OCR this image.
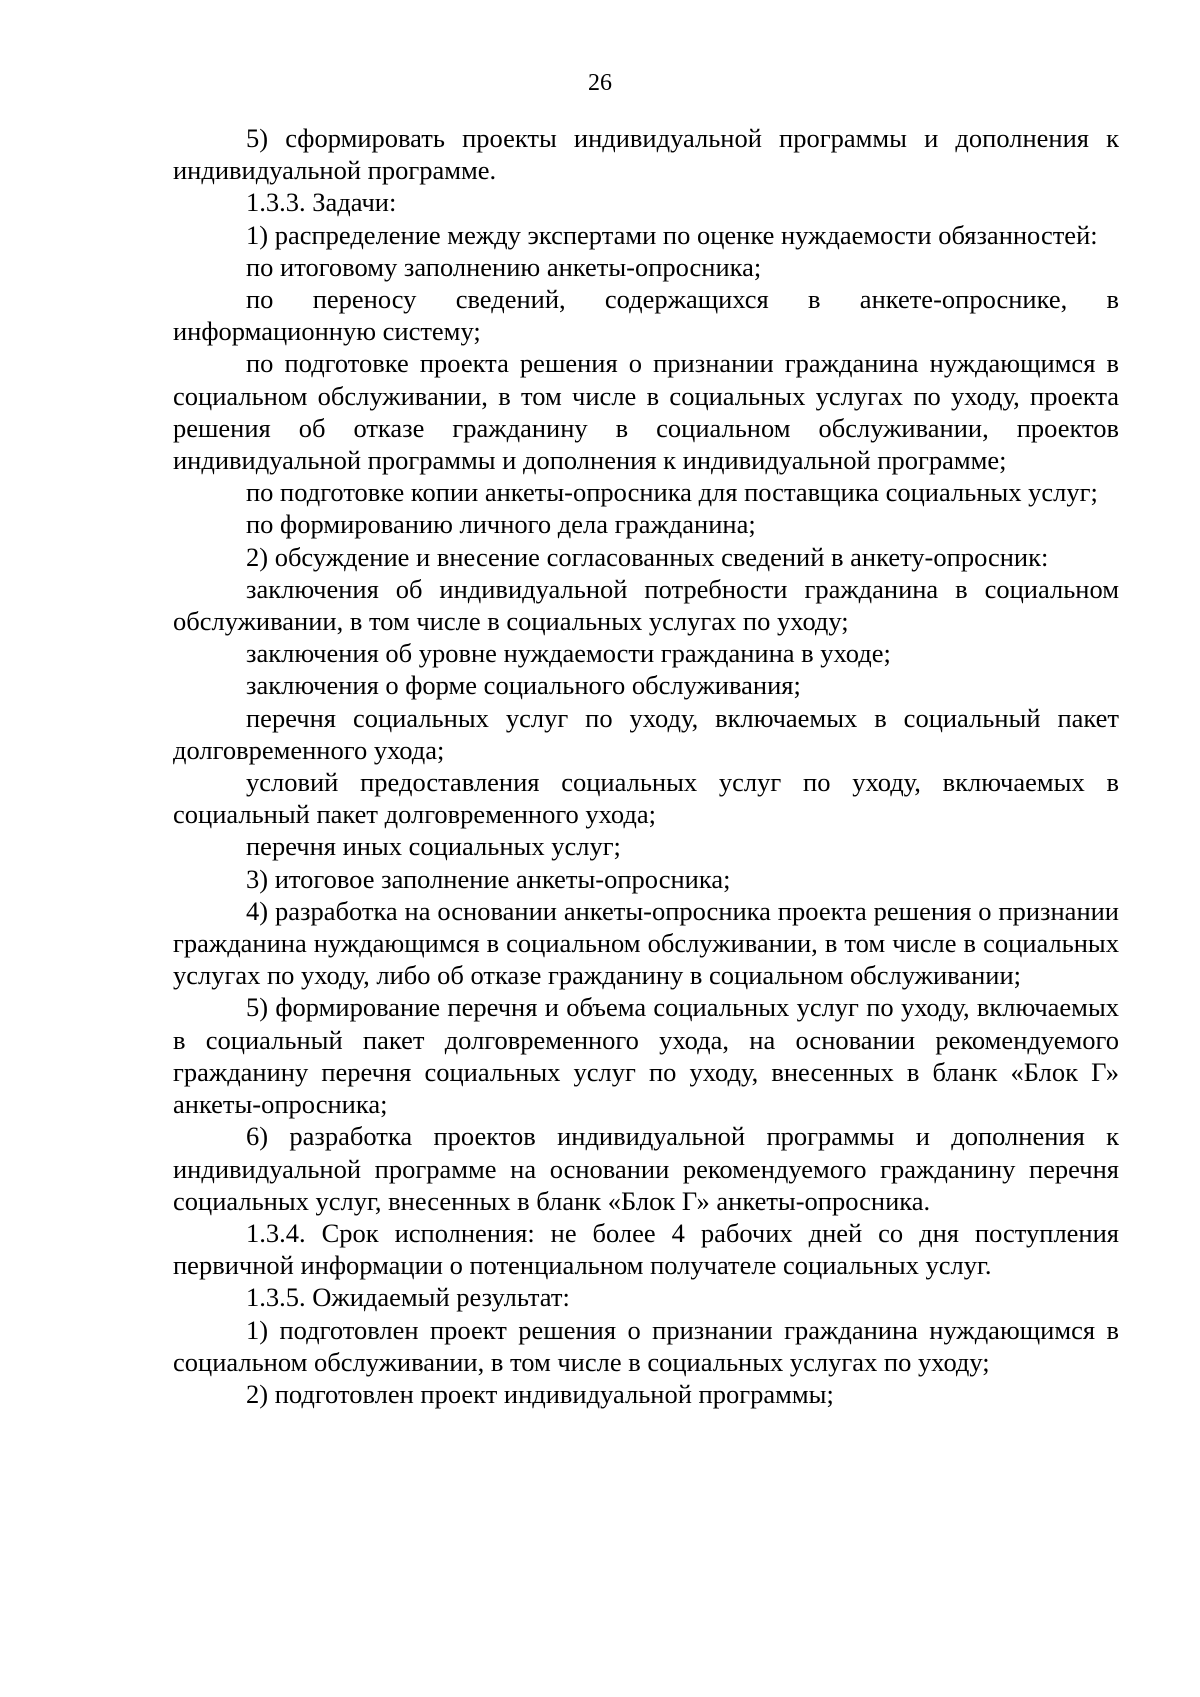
26

5) сформировать проекты индивидуальной программы и дополнения к индивидуальной программе.

1.3.3. Задачи:

1) распределение между экспертами по оценке нуждаемости обязанностей:

по итоговому заполнению анкеты-опросника;

по переносу сведений, содержащихся в анкете-опроснике, в информационную систему;

по подготовке проекта решения о признании гражданина нуждающимся в социальном обслуживании, в том числе в социальных услугах по уходу, проекта решения об отказе гражданину в социальном обслуживании, проектов индивидуальной программы и дополнения к индивидуальной программе;

по подготовке копии анкеты-опросника для поставщика социальных услуг;

по формированию личного дела гражданина;

2) обсуждение и внесение согласованных сведений в анкету-опросник:

заключения об индивидуальной потребности гражданина в социальном обслуживании, в том числе в социальных услугах по уходу;

заключения об уровне нуждаемости гражданина в уходе;

заключения о форме социального обслуживания;

перечня социальных услуг по уходу, включаемых в социальный пакет долговременного ухода;

условий предоставления социальных услуг по уходу, включаемых в социальный пакет долговременного ухода;

перечня иных социальных услуг;

3) итоговое заполнение анкеты-опросника;

4) разработка на основании анкеты-опросника проекта решения о признании гражданина нуждающимся в социальном обслуживании, в том числе в социальных услугах по уходу, либо об отказе гражданину в социальном обслуживании;

5) формирование перечня и объема социальных услуг по уходу, включаемых в социальный пакет долговременного ухода, на основании рекомендуемого гражданину перечня социальных услуг по уходу, внесенных в бланк «Блок Г» анкеты-опросника;

6) разработка проектов индивидуальной программы и дополнения к индивидуальной программе на основании рекомендуемого гражданину перечня социальных услуг, внесенных в бланк «Блок Г» анкеты-опросника.

1.3.4. Срок исполнения: не более 4 рабочих дней со дня поступления первичной информации о потенциальном получателе социальных услуг.

1.3.5. Ожидаемый результат:

1) подготовлен проект решения о признании гражданина нуждающимся в социальном обслуживании, в том числе в социальных услугах по уходу;

2) подготовлен проект индивидуальной программы;
